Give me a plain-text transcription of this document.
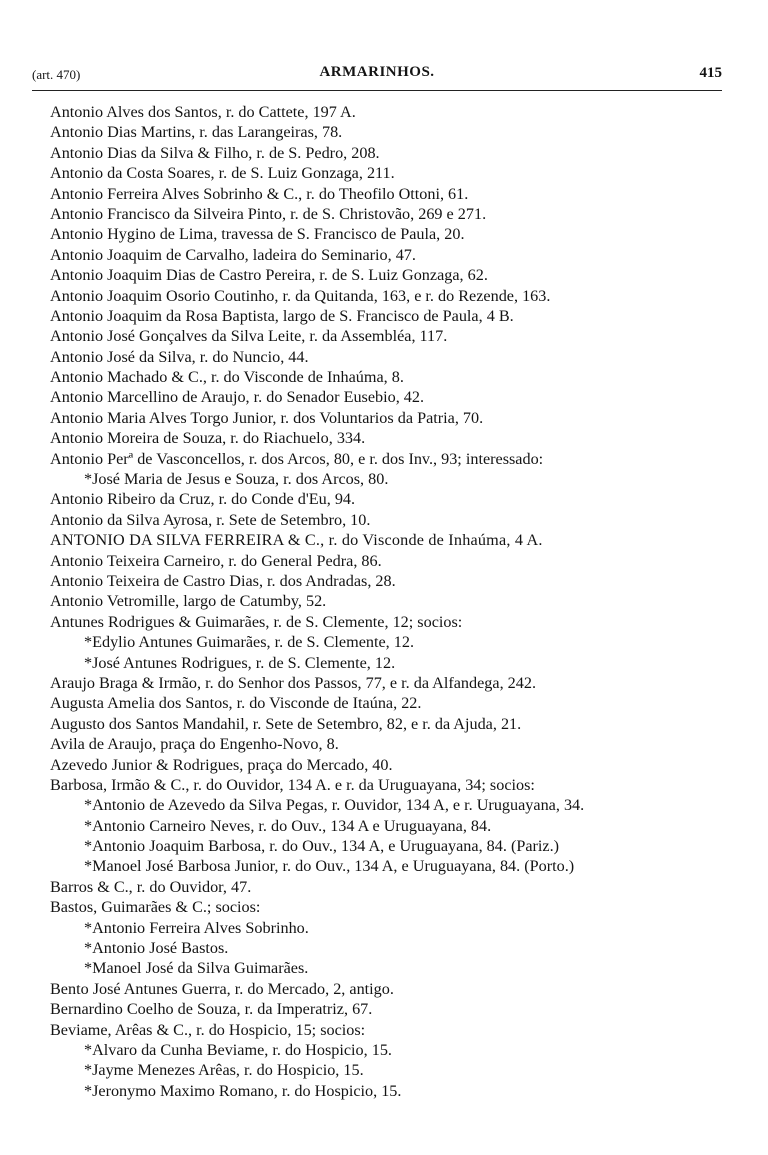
(art. 470)	ARMARINHOS.	415
Antonio Alves dos Santos, r. do Cattete, 197 A.
Antonio Dias Martins, r. das Larangeiras, 78.
Antonio Dias da Silva & Filho, r. de S. Pedro, 208.
Antonio da Costa Soares, r. de S. Luiz Gonzaga, 211.
Antonio Ferreira Alves Sobrinho & C., r. do Theofilo Ottoni, 61.
Antonio Francisco da Silveira Pinto, r. de S. Christovão, 269 e 271.
Antonio Hygino de Lima, travessa de S. Francisco de Paula, 20.
Antonio Joaquim de Carvalho, ladeira do Seminario, 47.
Antonio Joaquim Dias de Castro Pereira, r. de S. Luiz Gonzaga, 62.
Antonio Joaquim Osorio Coutinho, r. da Quitanda, 163, e r. do Rezende, 163.
Antonio Joaquim da Rosa Baptista, largo de S. Francisco de Paula, 4 B.
Antonio José Gonçalves da Silva Leite, r. da Assembléa, 117.
Antonio José da Silva, r. do Nuncio, 44.
Antonio Machado & C., r. do Visconde de Inhaúma, 8.
Antonio Marcellino de Araujo, r. do Senador Eusebio, 42.
Antonio Maria Alves Torgo Junior, r. dos Voluntarios da Patria, 70.
Antonio Moreira de Souza, r. do Riachuelo, 334.
Antonio Perª de Vasconcellos, r. dos Arcos, 80, e r. dos Inv., 93; interessado:
*José Maria de Jesus e Souza, r. dos Arcos, 80.
Antonio Ribeiro da Cruz, r. do Conde d'Eu, 94.
Antonio da Silva Ayrosa, r. Sete de Setembro, 10.
ANTONIO DA SILVA FERREIRA & C., r. do Visconde de Inhaúma, 4 A.
Antonio Teixeira Carneiro, r. do General Pedra, 86.
Antonio Teixeira de Castro Dias, r. dos Andradas, 28.
Antonio Vetromille, largo de Catumby, 52.
Antunes Rodrigues & Guimarães, r. de S. Clemente, 12; socios:
*Edylio Antunes Guimarães, r. de S. Clemente, 12.
*José Antunes Rodrigues, r. de S. Clemente, 12.
Araujo Braga & Irmão, r. do Senhor dos Passos, 77, e r. da Alfandega, 242.
Augusta Amelia dos Santos, r. do Visconde de Itaúna, 22.
Augusto dos Santos Mandahil, r. Sete de Setembro, 82, e r. da Ajuda, 21.
Avila de Araujo, praça do Engenho-Novo, 8.
Azevedo Junior & Rodrigues, praça do Mercado, 40.
Barbosa, Irmão & C., r. do Ouvidor, 134 A. e r. da Uruguayana, 34; socios:
*Antonio de Azevedo da Silva Pegas, r. Ouvidor, 134 A, e r. Uruguayana, 34.
*Antonio Carneiro Neves, r. do Ouv., 134 A e Uruguayana, 84.
*Antonio Joaquim Barbosa, r. do Ouv., 134 A, e Uruguayana, 84. (Pariz.)
*Manoel José Barbosa Junior, r. do Ouv., 134 A, e Uruguayana, 84. (Porto.)
Barros & C., r. do Ouvidor, 47.
Bastos, Guimarães & C.; socios:
*Antonio Ferreira Alves Sobrinho.
*Antonio José Bastos.
*Manoel José da Silva Guimarães.
Bento José Antunes Guerra, r. do Mercado, 2, antigo.
Bernardino Coelho de Souza, r. da Imperatriz, 67.
Beviame, Arêas & C., r. do Hospicio, 15; socios:
*Alvaro da Cunha Beviame, r. do Hospicio, 15.
*Jayme Menezes Arêas, r. do Hospicio, 15.
*Jeronymo Maximo Romano, r. do Hospicio, 15.
